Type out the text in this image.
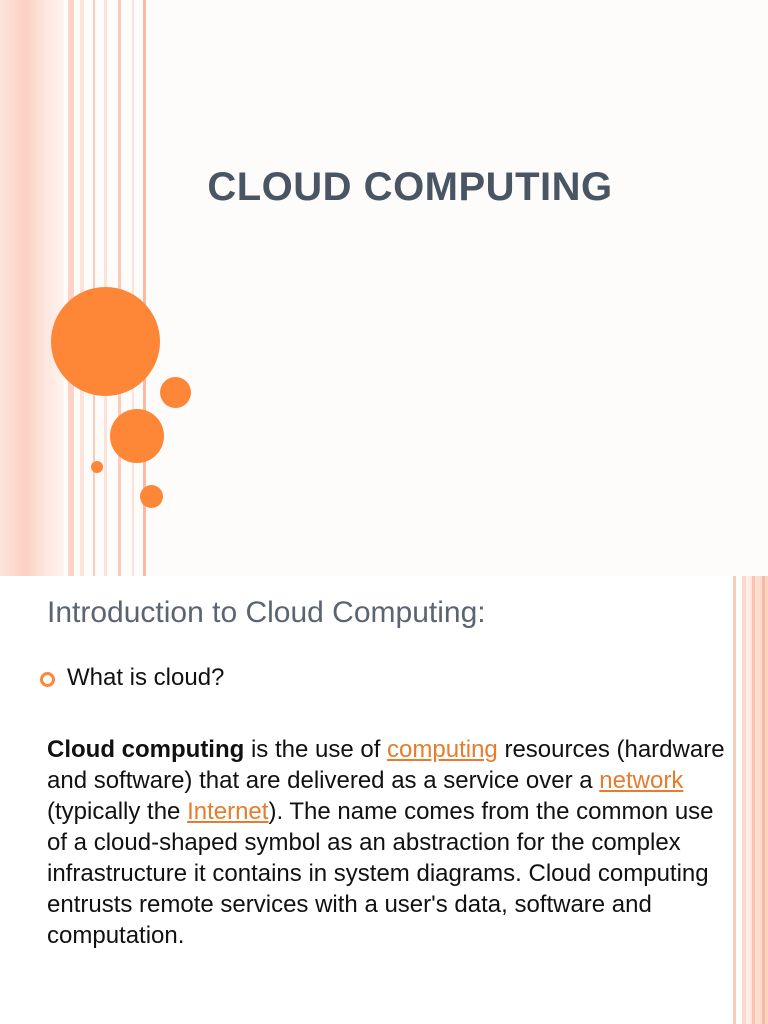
CLOUD COMPUTING
Introduction to Cloud Computing:
What is cloud?
Cloud computing is the use of computing resources (hardware and software) that are delivered as a service over a network (typically the Internet). The name comes from the common use of a cloud-shaped symbol as an abstraction for the complex infrastructure it contains in system diagrams. Cloud computing entrusts remote services with a user's data, software and computation.
